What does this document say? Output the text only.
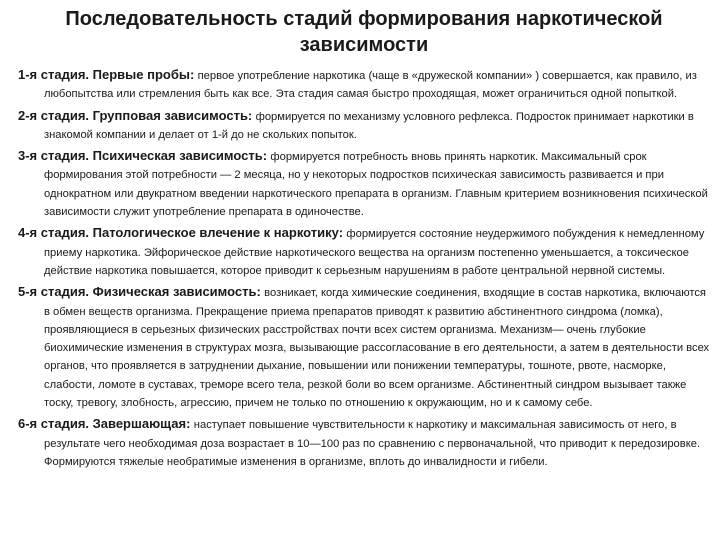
Последовательность стадий формирования наркотической зависимости

1-я стадия. Первые пробы: первое употребление наркотика (чаще в «дружеской компании» ) совершается, как правило, из любопытства или стремления быть как все. Эта стадия самая быстро проходящая, может ограничиться одной попыткой.

2-я стадия. Групповая зависимость: формируется по механизму условного рефлекса. Подросток принимает наркотики в знакомой компании и делает от 1-й до не скольких попыток.

3-я стадия. Психическая зависимость: формируется потребность вновь принять наркотик. Максимальный срок формирования этой потребности — 2 месяца, но у некоторых подростков психическая зависимость развивается и при однократном или двукратном введении наркотического препарата в организм. Главным критерием возникновения психической зависимости служит употребление препарата в одиночестве.

4-я стадия. Патологическое влечение к наркотику: формируется состояние неудержимого побуждения к немедленному приему наркотика. Эйфорическое действие наркотического вещества на организм постепенно уменьшается, а токсическое действие наркотика повышается, которое приводит к серьезным нарушениям в работе центральной нервной системы.

5-я стадия. Физическая зависимость: возникает, когда химические соединения, входящие в состав наркотика, включаются в обмен веществ организма. Прекращение приема препаратов приводят к развитию абстинентного синдрома (ломка), проявляющиеся в серьезных физических расстройствах почти всех систем организма. Механизм— очень глубокие биохимические изменения в структурах мозга, вызывающие рассогласование в его деятельности, а затем в деятельности всех органов, что проявляется в затруднении дыхание, повышении или понижении температуры, тошноте, рвоте, насморке, слабости, ломоте в суставах, треморе всего тела, резкой боли во всем организме. Абстинентный синдром вызывает также тоску, тревогу, злобность, агрессию, причем не только по отношению к окружающим, но и к самому себе.

6-я стадия. Завершающая: наступает повышение чувствительности к наркотику и максимальная зависимость от него, в результате чего необходимая доза возрастает в 10—100 раз по сравнению с первоначальной, что приводит к передозировке. Формируются тяжелые необратимые изменения в организме, вплоть до инвалидности и гибели.
